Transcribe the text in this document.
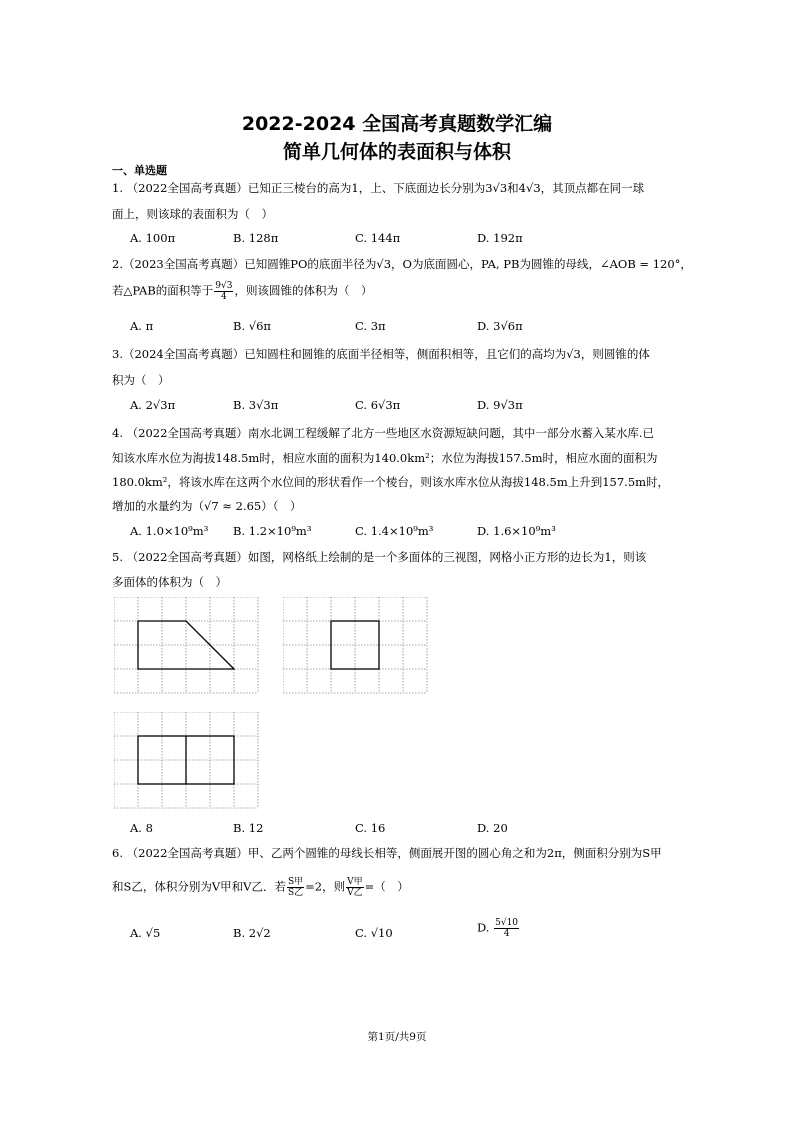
2022-2024 全国高考真题数学汇编
简单几何体的表面积与体积
一、单选题
1. （2022全国高考真题）已知正三棱台的高为1，上、下底面边长分别为3√3和4√3，其顶点都在同一球
面上，则该球的表面积为（　）
A. 100π	B. 128π	C. 144π	D. 192π
2.（2023全国高考真题）已知圆锥PO的底面半径为√3，O为底面圆心，PA, PB为圆锥的母线，∠AOB = 120°，
若△PAB的面积等于 $\frac{9√3}{4}$ ，则该圆锥的体积为（　）
A. π	B. √6π	C. 3π	D. 3√6π
3.（2024全国高考真题）已知圆柱和圆锥的底面半径相等，侧面积相等，且它们的高均为√3，则圆锥的体
积为（　）
A. 2√3π	B. 3√3π	C. 6√3π	D. 9√3π
4. （2022全国高考真题）南水北调工程缓解了北方一些地区水资源短缺问题，其中一部分水蓄入某水库.已
知该水库水位为海拔148.5m时，相应水面的面积为140.0km²；水位为海拔157.5m时，相应水面的面积为
180.0km²，将该水库在这两个水位间的形状看作一个棱台，则该水库水位从海拔148.5m上升到157.5m时，
增加的水量约为（√7 ≈ 2.65）（　）
A. 1.0×10⁹m³ B. 1.2×10⁹m³	C. 1.4×10⁹m³	D. 1.6×10⁹m³
5. （2022全国高考真题）如图，网格纸上绘制的是一个多面体的三视图，网格小正方形的边长为1，则该
多面体的体积为（　）
A. 8	B. 12	C. 16	D. 20
6. （2022全国高考真题）甲、乙两个圆锥的母线长相等，侧面展开图的圆心角之和为2π，侧面积分别为S甲
和S乙，体积分别为V甲和V乙．若 $\frac{\text{S甲}}{\text{S乙}} =2$，则 $\frac{\text{V甲}}{\text{V乙}}$ =（　）
A. √5	B. 2√2	C. √10	D. $\frac{5√10}{4}$
第1页/共9页
